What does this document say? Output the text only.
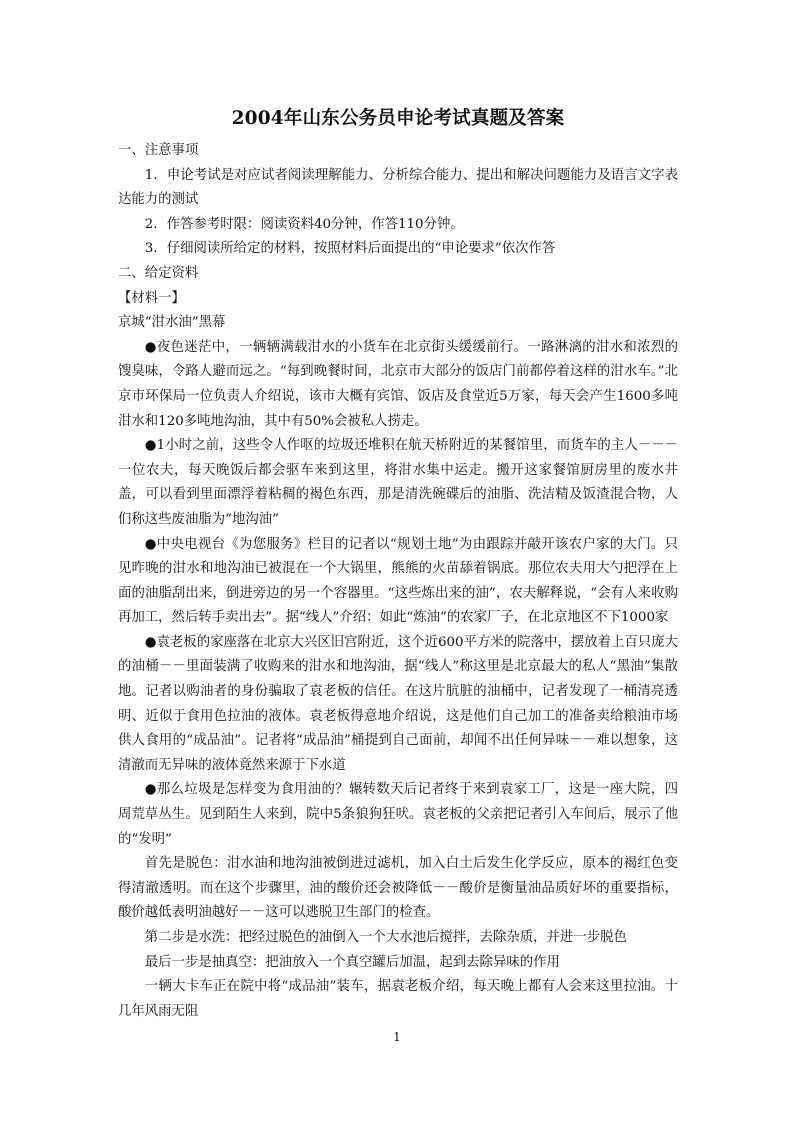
2004年山东公务员申论考试真题及答案

一、注意事项

1．申论考试是对应试者阅读理解能力、分析综合能力、提出和解决问题能力及语言文字表达能力的测试

2．作答参考时限：阅读资料40分钟，作答110分钟。

3．仔细阅读所给定的材料，按照材料后面提出的“申论要求”依次作答

二、给定资料

【材料一】

京城“泔水油”黑幕

●夜色迷茫中，一辆辆满载泔水的小货车在北京街头缓缓前行。一路淋漓的泔水和浓烈的馊臭味，令路人避而远之。“每到晚餐时间，北京市大部分的饭店门前都停着这样的泔水车。”北京市环保局一位负责人介绍说，该市大概有宾馆、饭店及食堂近5万家，每天会产生1600多吨泔水和120多吨地沟油，其中有50%会被私人捞走。

●1小时之前，这些令人作呕的垃圾还堆积在航天桥附近的某餐馆里，而货车的主人－－－一位农夫，每天晚饭后都会驱车来到这里，将泔水集中运走。搬开这家餐馆厨房里的废水井盖，可以看到里面漂浮着粘稠的褐色东西，那是清洗碗碟后的油脂、洗洁精及饭渣混合物，人们称这些废油脂为“地沟油”

●中央电视台《为您服务》栏目的记者以“规划土地”为由跟踪并敲开该农户家的大门。只见昨晚的泔水和地沟油已被混在一个大锅里，熊熊的火苗舔着锅底。那位农夫用大勺把浮在上面的油脂刮出来，倒进旁边的另一个容器里。“这些炼出来的油”，农夫解释说，“会有人来收购再加工，然后转手卖出去”。据“线人”介绍：如此“炼油”的农家厂子，在北京地区不下1000家

●袁老板的家座落在北京大兴区旧宫附近，这个近600平方米的院落中，摆放着上百只庞大的油桶－－里面装满了收购来的泔水和地沟油，据“线人”称这里是北京最大的私人“黑油”集散地。记者以购油者的身份骗取了袁老板的信任。在这片肮脏的油桶中，记者发现了一桶清亮透明、近似于食用色拉油的液体。袁老板得意地介绍说，这是他们自己加工的准备卖给粮油市场供人食用的“成品油”。记者将“成品油”桶提到自己面前，却闻不出任何异味－－难以想象，这清澈而无异味的液体竟然来源于下水道

●那么垃圾是怎样变为食用油的？辗转数天后记者终于来到袁家工厂，这是一座大院，四周荒草丛生。见到陌生人来到，院中5条狼狗狂吠。袁老板的父亲把记者引入车间后，展示了他的“发明”

首先是脱色：泔水油和地沟油被倒进过滤机，加入白土后发生化学反应，原本的褐红色变得清澈透明。而在这个步骤里，油的酸价还会被降低－－酸价是衡量油品质好坏的重要指标，酸价越低表明油越好－－这可以逃脱卫生部门的检查。

第二步是水洗：把经过脱色的油倒入一个大水池后搅拌，去除杂质，并进一步脱色

最后一步是抽真空：把油放入一个真空罐后加温，起到去除异味的作用

一辆大卡车正在院中将“成品油”装车，据袁老板介绍，每天晚上都有人会来这里拉油。十几年风雨无阻

1
